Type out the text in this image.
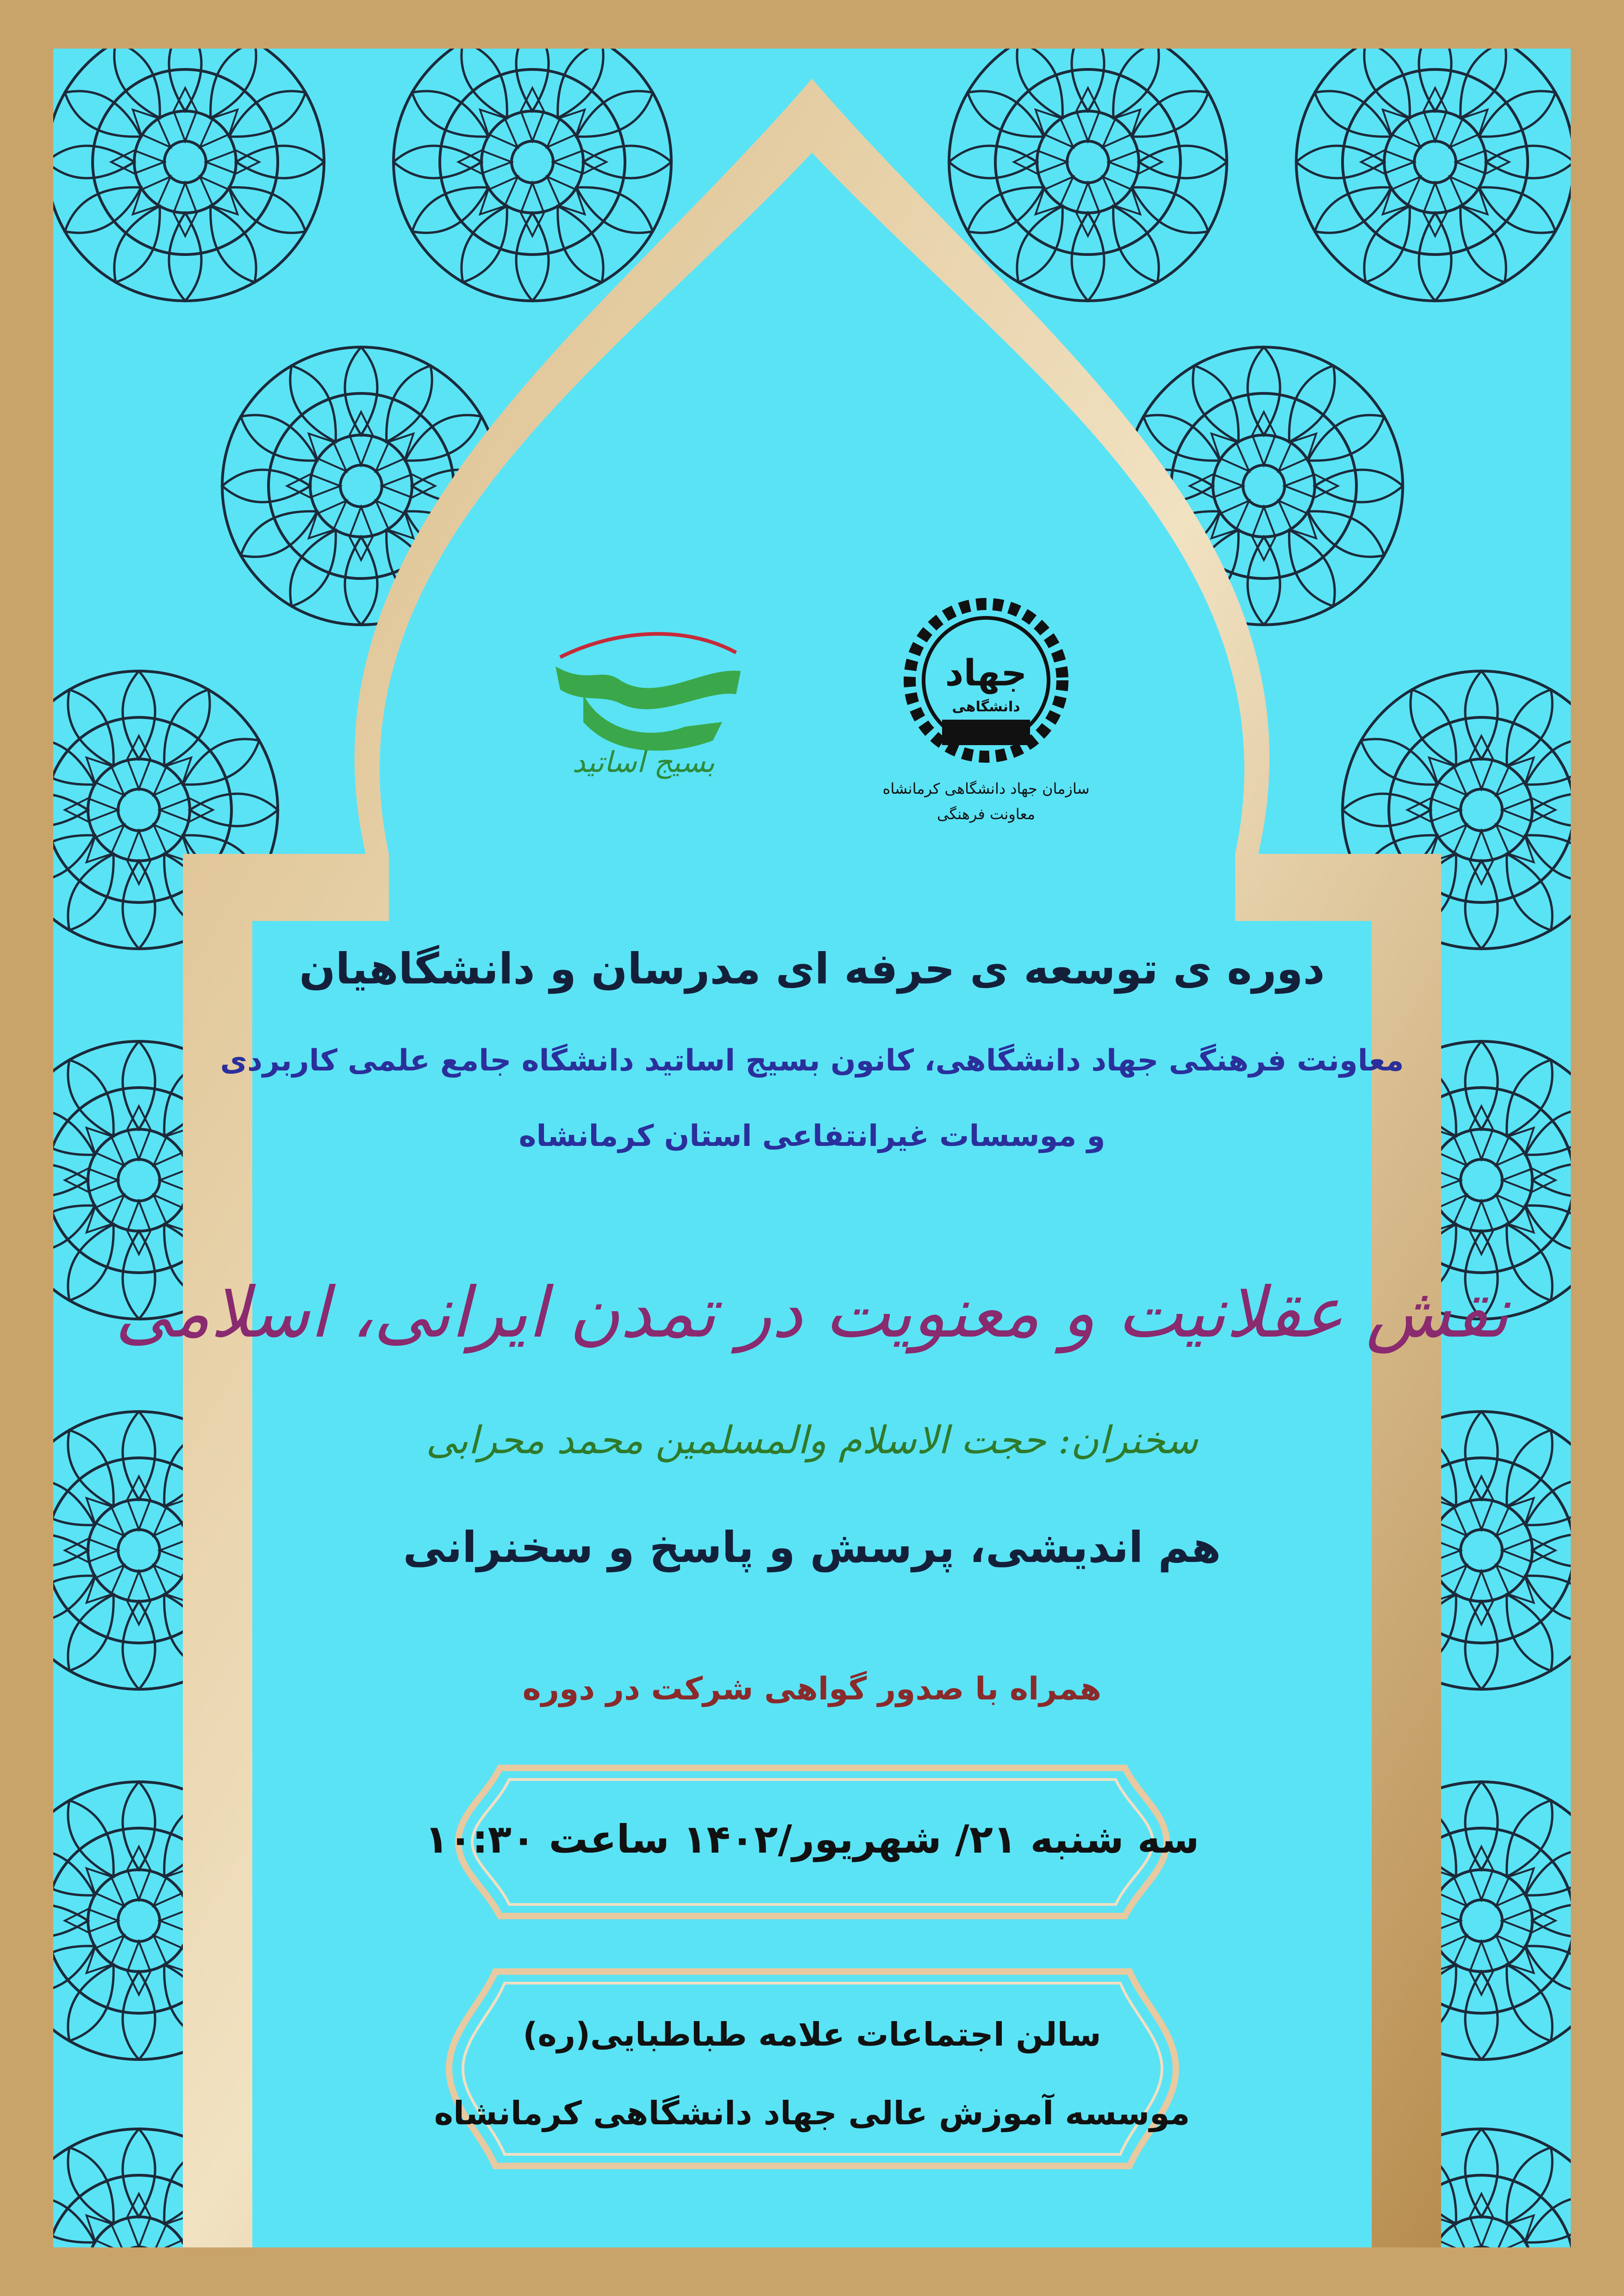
جهاد
دانشگاهی
سازمان جهاد دانشگاهی کرمانشاه
معاونت فرهنگی
بسیج اساتید
دوره ی توسعه ی حرفه ای مدرسان و دانشگاهیان
معاونت فرهنگی جهاد دانشگاهی، کانون بسیج اساتید دانشگاه جامع علمی کاربردی
و موسسات غیرانتفاعی استان کرمانشاه
نقش عقلانیت و معنویت در تمدن ایرانی، اسلامی
سخنران: حجت الاسلام والمسلمین محمد محرابی
هم اندیشی، پرسش و پاسخ و سخنرانی
همراه با صدور گواهی شرکت در دوره
سه شنبه ۲۱/ شهریور/۱۴۰۲ ساعت ۱۰:۳۰
سالن اجتماعات علامه طباطبایی(ره)
موسسه آموزش عالی جهاد دانشگاهی کرمانشاه
